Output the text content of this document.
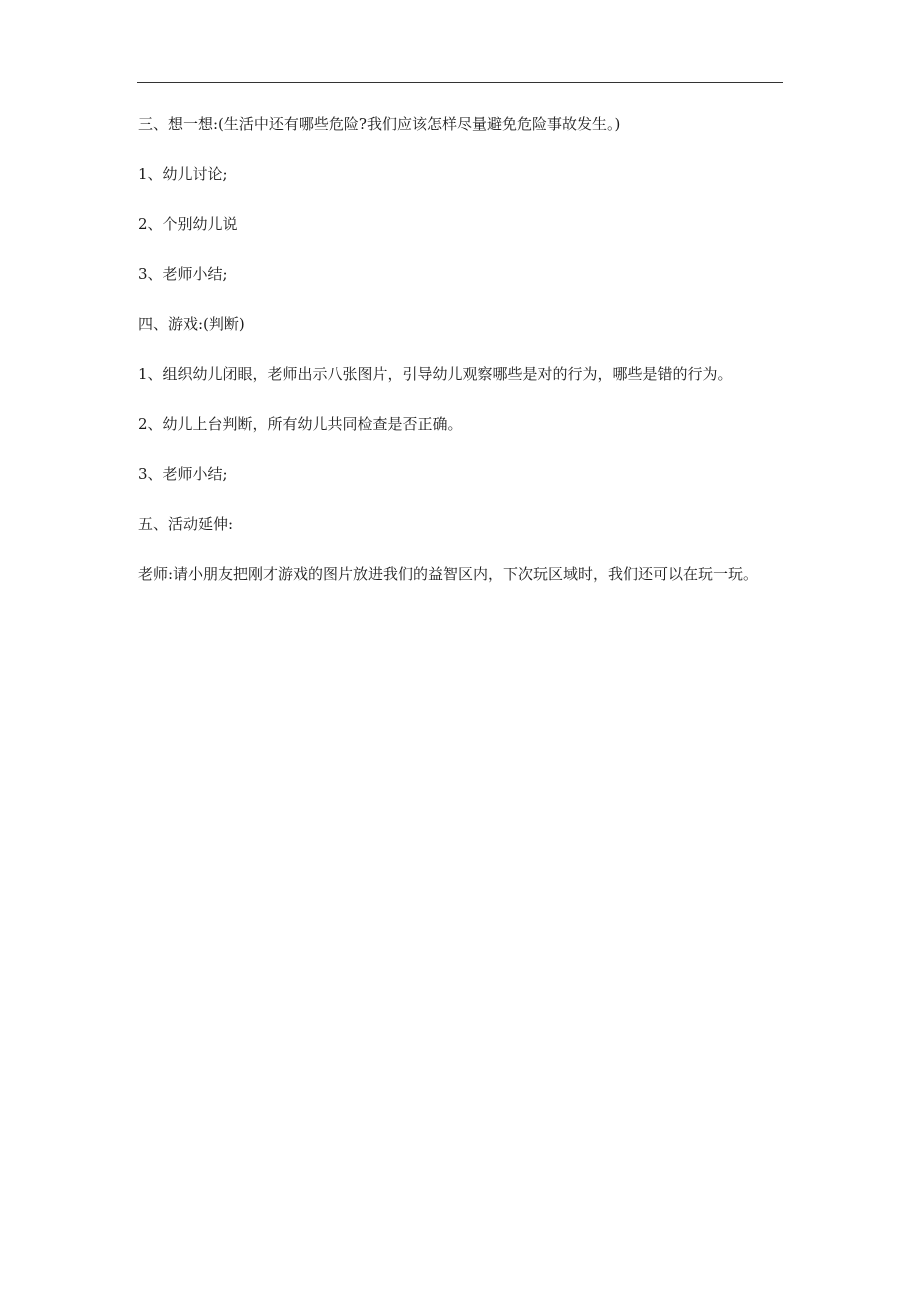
三、想一想:(生活中还有哪些危险?我们应该怎样尽量避免危险事故发生。)

1、幼儿讨论;

2、个别幼儿说

3、老师小结;

四、游戏:(判断)

1、组织幼儿闭眼，老师出示八张图片，引导幼儿观察哪些是对的行为，哪些是错的行为。

2、幼儿上台判断，所有幼儿共同检查是否正确。

3、老师小结;

五、活动延伸:

老师:请小朋友把刚才游戏的图片放进我们的益智区内，下次玩区域时，我们还可以在玩一玩。
